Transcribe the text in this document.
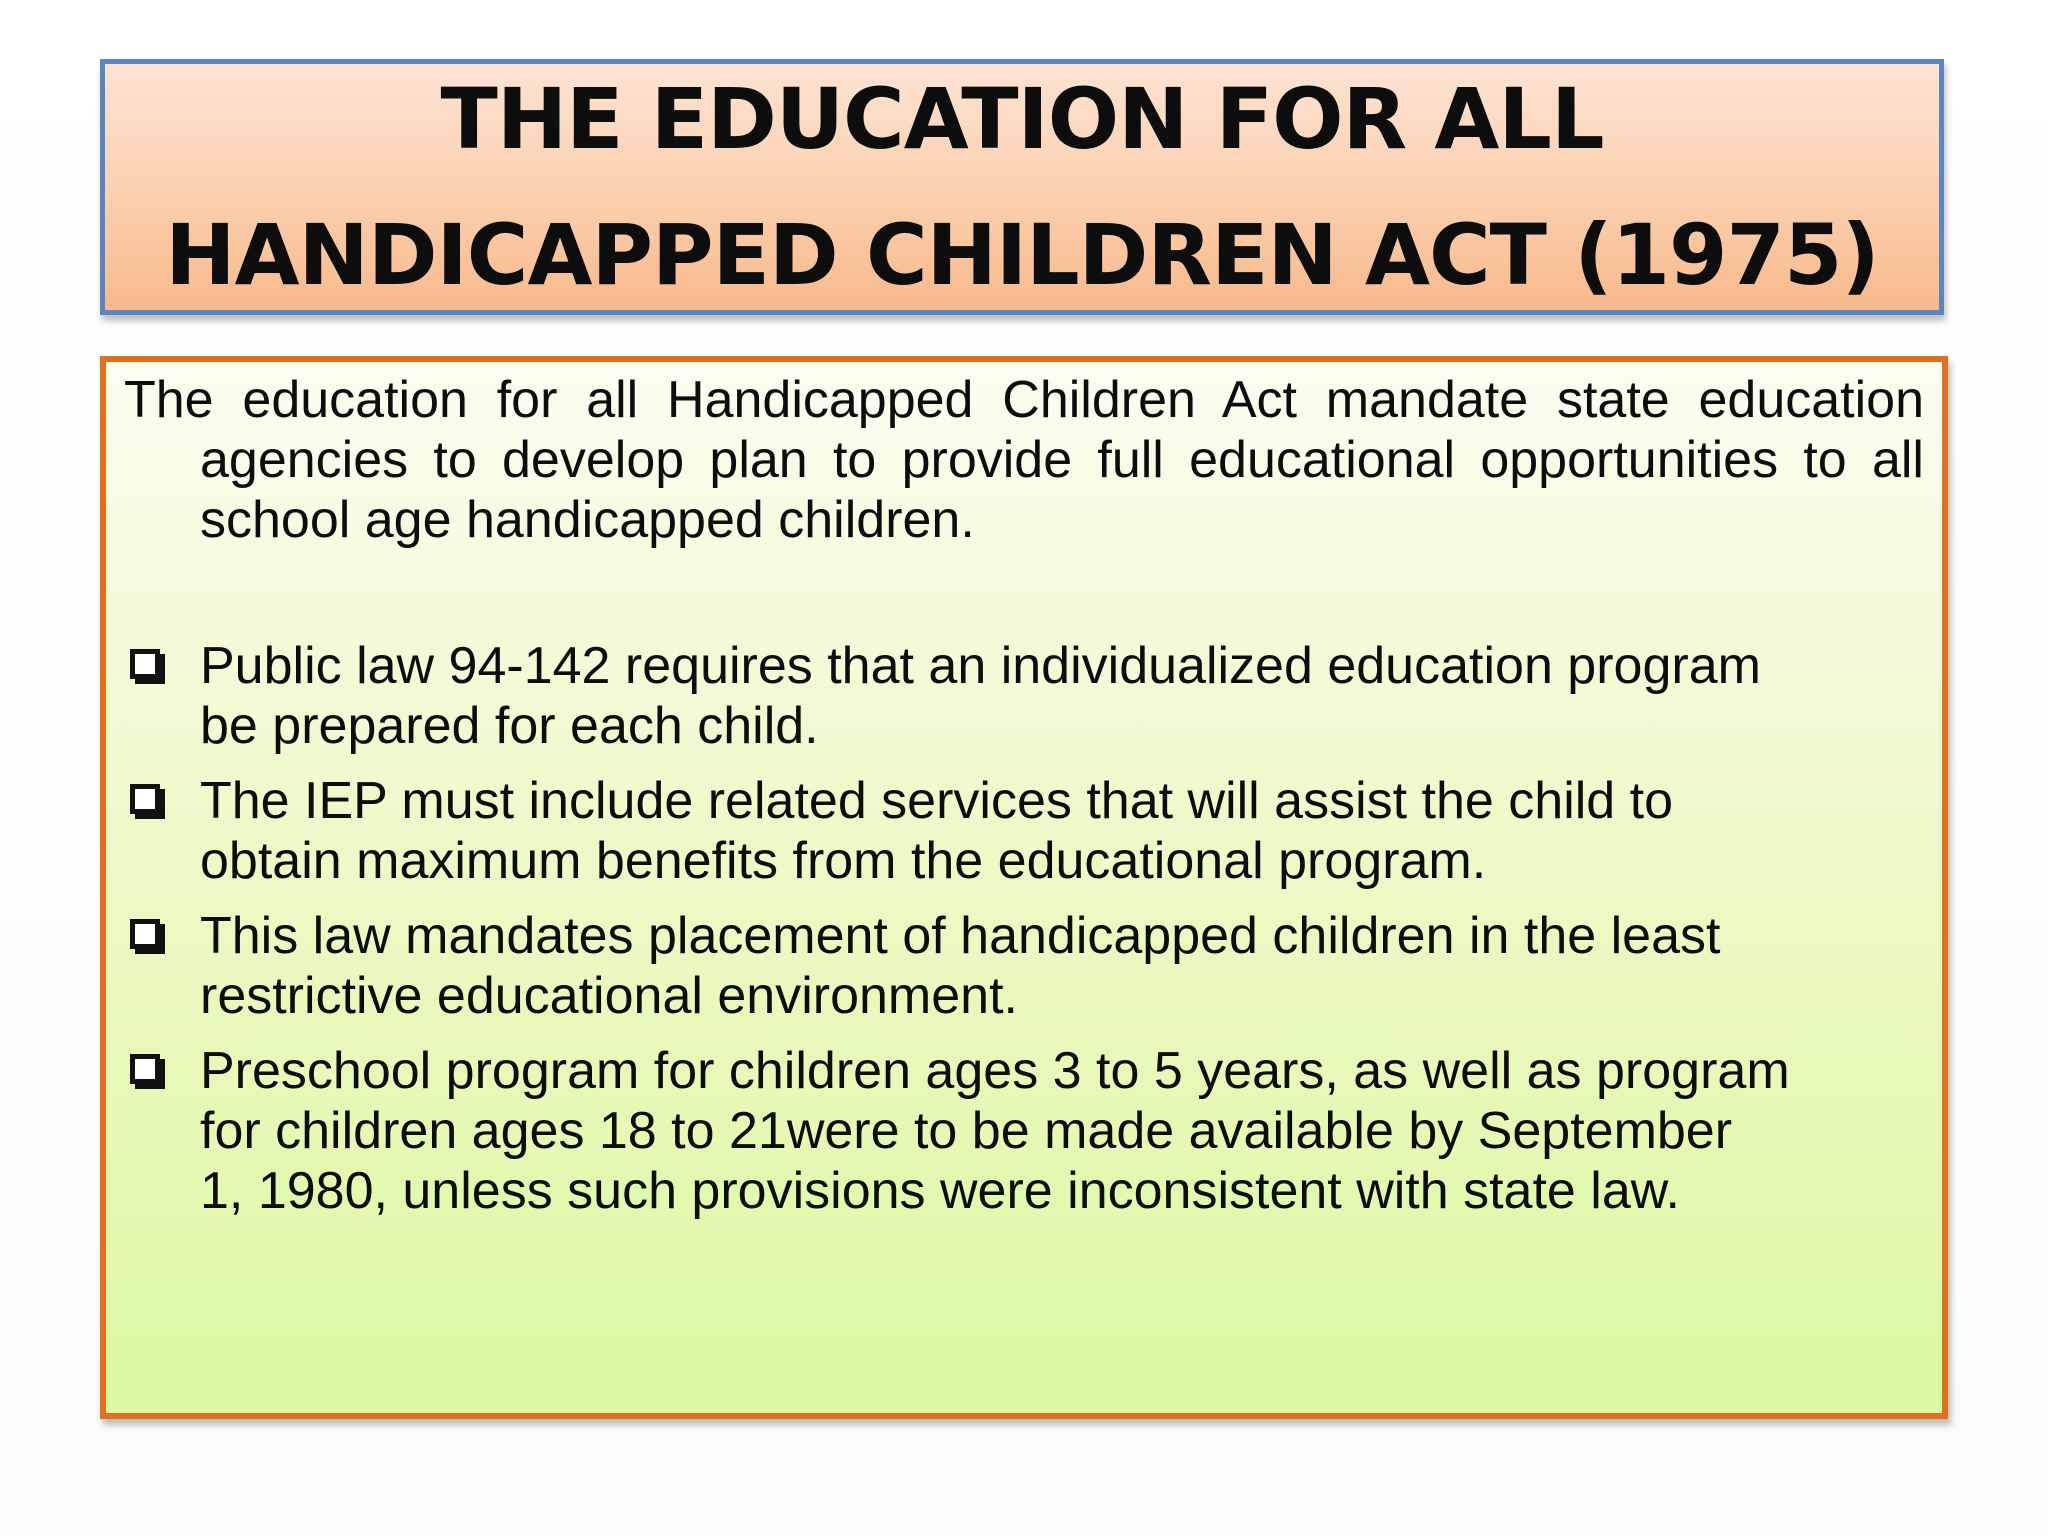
THE EDUCATION FOR ALL
HANDICAPPED CHILDREN ACT (1975)

The education for all Handicapped Children Act mandate state education agencies to develop plan to provide full educational opportunities to all school age handicapped children.

Public law 94-142 requires that an individualized education program
be prepared for each child.
The IEP must include related services that will assist the child to
obtain maximum benefits from the educational program.
This law mandates placement of handicapped children in the least
restrictive educational environment.
Preschool program for children ages 3 to 5 years, as well as program
for children ages 18 to 21were to be made available by September
1, 1980, unless such provisions were inconsistent with state law.
